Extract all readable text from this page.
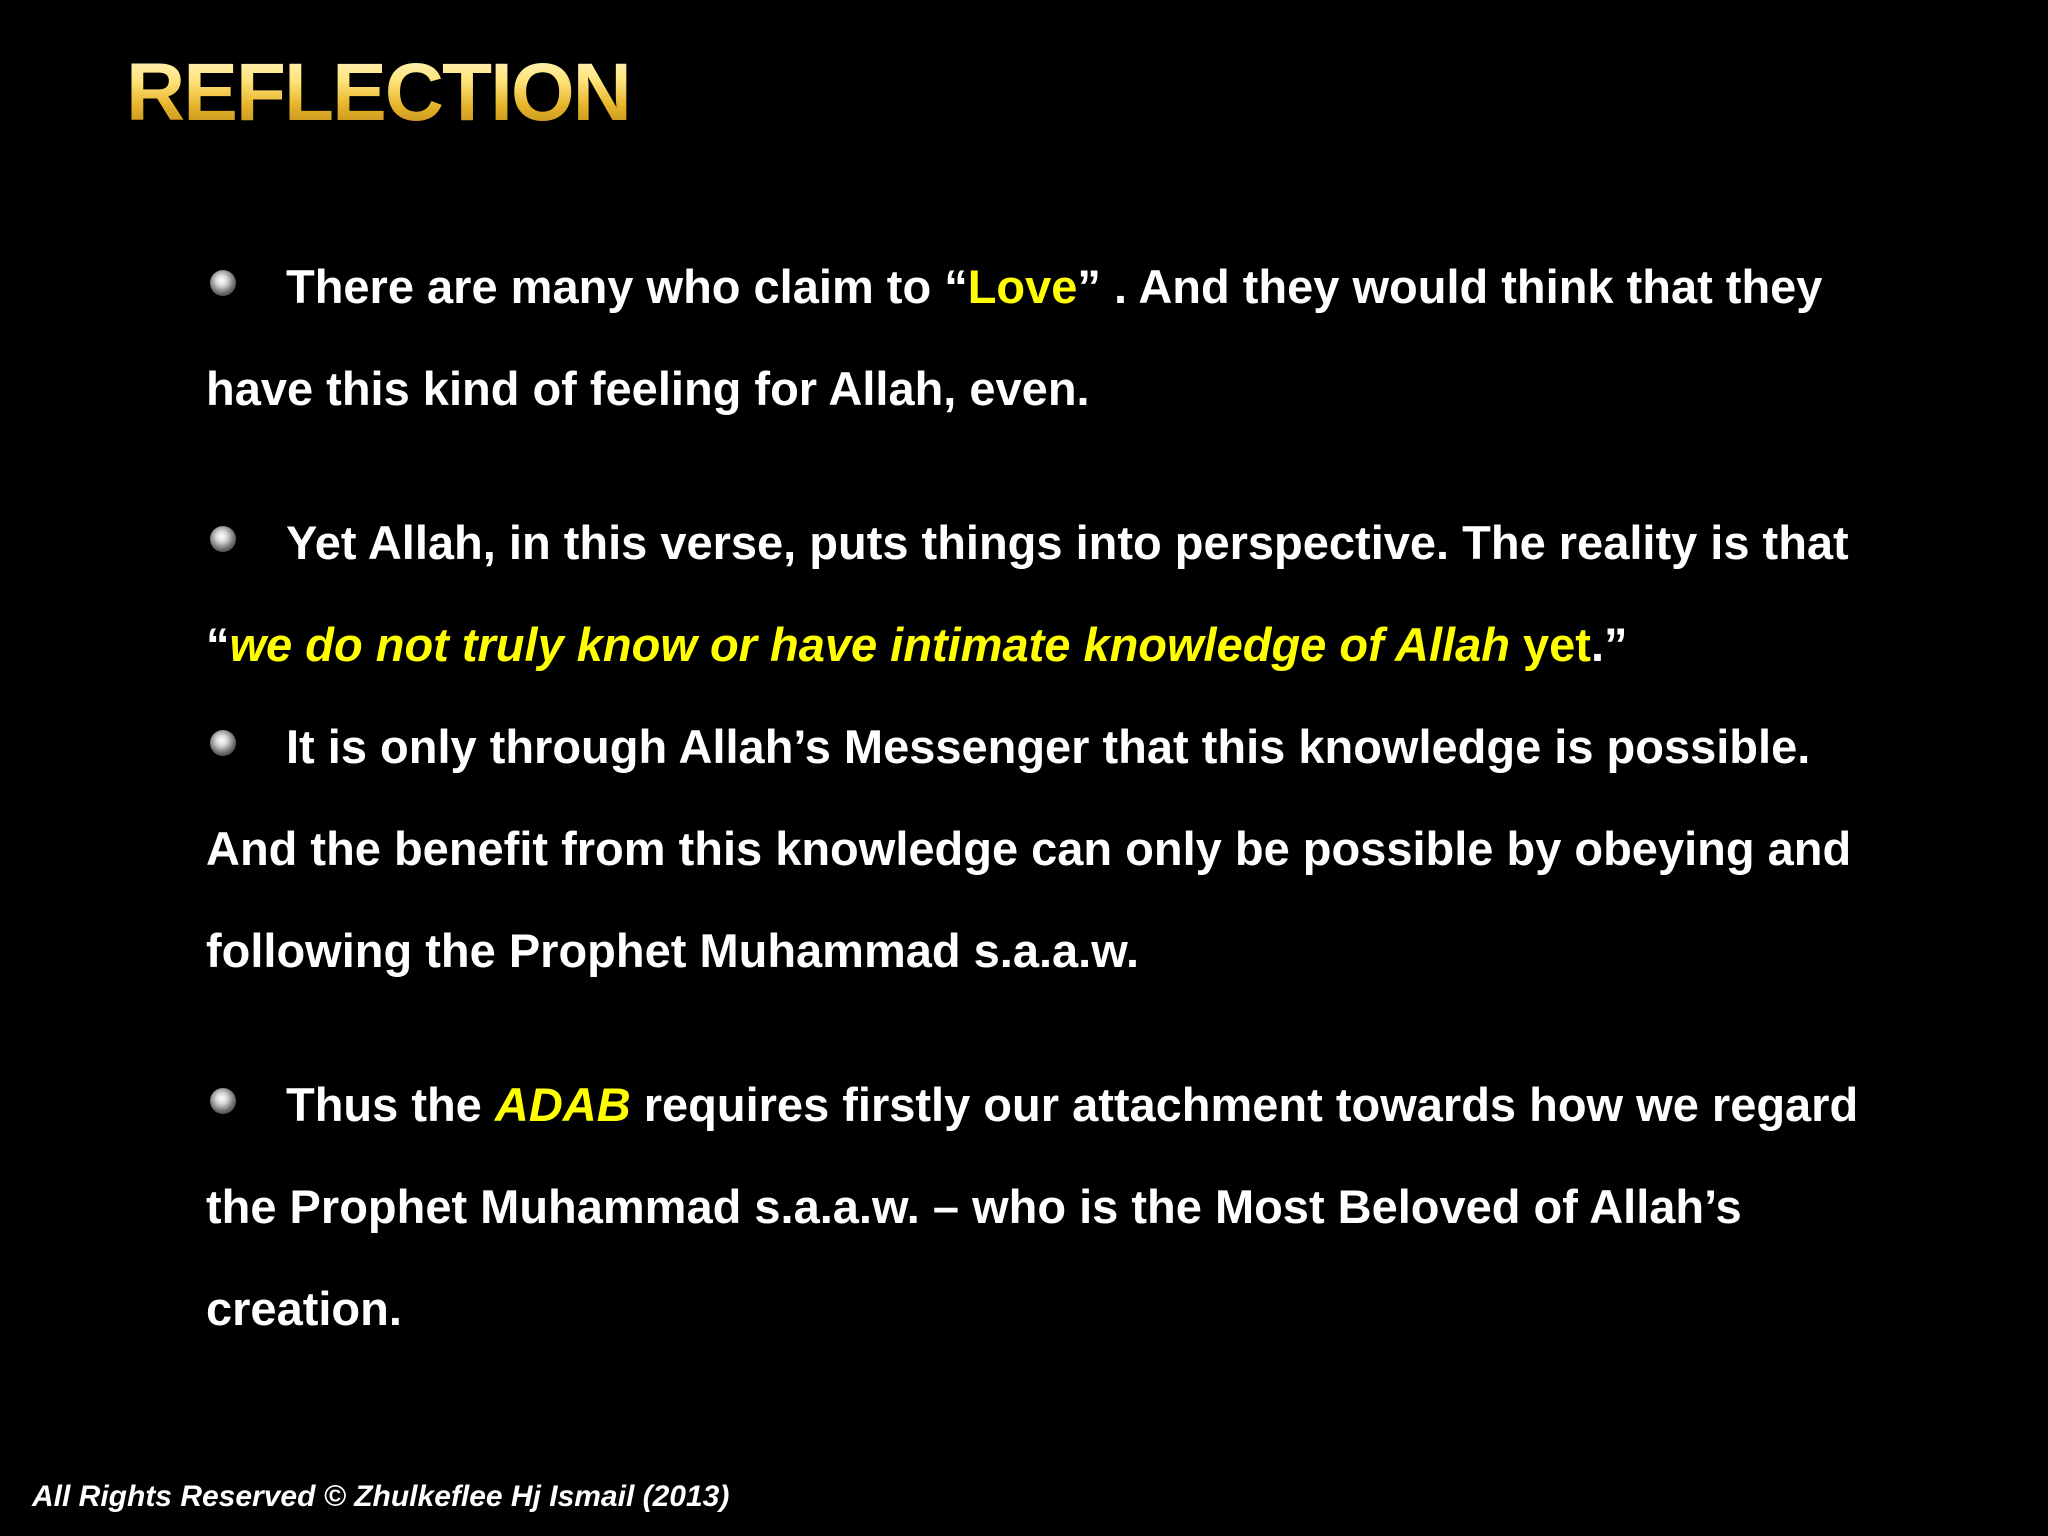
REFLECTION

There are many who claim to “Love” . And they would think that they have this kind of feeling for Allah, even.

Yet Allah, in this verse, puts things into perspective. The reality is that “we do not truly know or have intimate knowledge of Allah yet.”

It is only through Allah’s Messenger that this knowledge is possible. And the benefit from this knowledge can only be possible by obeying and following the Prophet Muhammad s.a.a.w.

Thus the ADAB requires firstly our attachment towards how we regard the Prophet Muhammad s.a.a.w. – who is the Most Beloved of Allah’s creation.

All Rights Reserved © Zhulkeflee Hj Ismail (2013)
